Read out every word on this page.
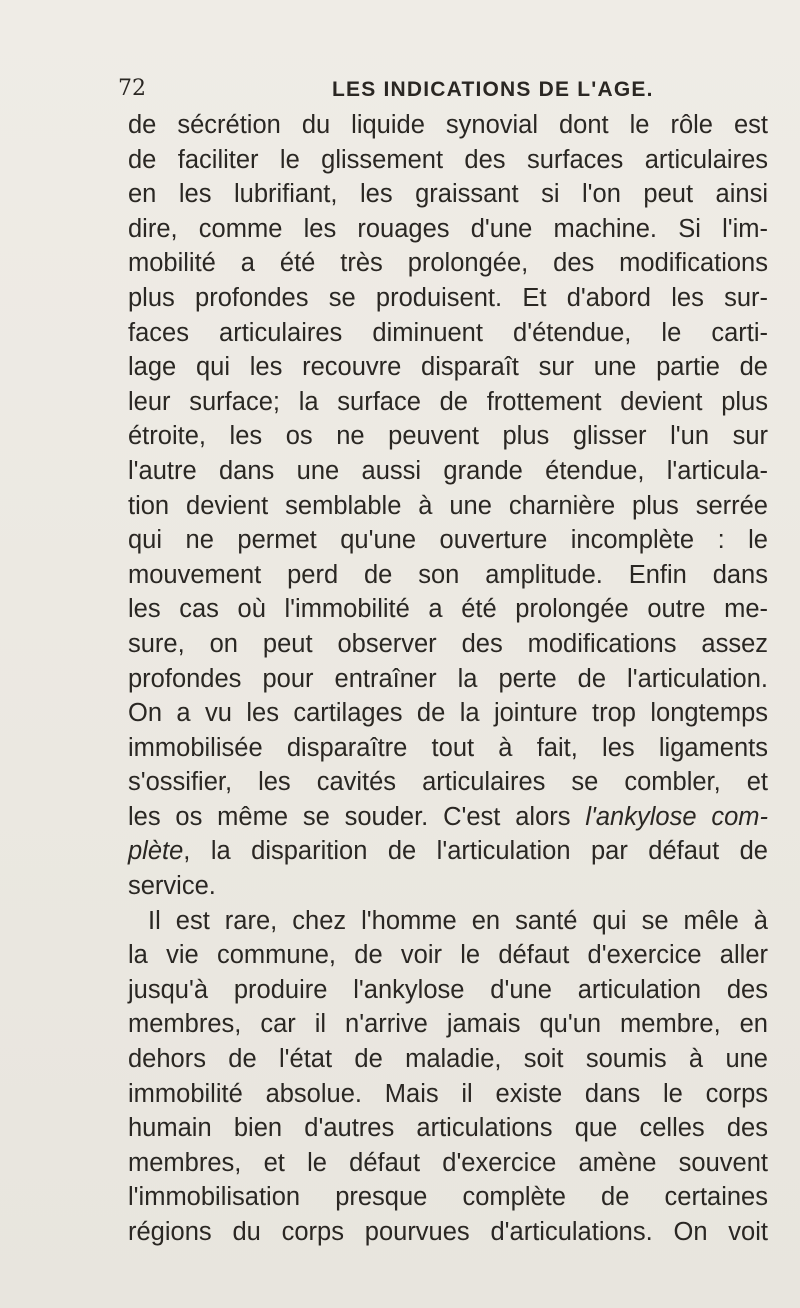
72	LES INDICATIONS DE L'AGE.
de sécrétion du liquide synovial dont le rôle est
de faciliter le glissement des surfaces articulaires
en les lubrifiant, les graissant si l'on peut ainsi
dire, comme les rouages d'une machine. Si l'im-
mobilité a été très prolongée, des modifications
plus profondes se produisent. Et d'abord les sur-
faces articulaires diminuent d'étendue, le carti-
lage qui les recouvre disparaît sur une partie de
leur surface; la surface de frottement devient plus
étroite, les os ne peuvent plus glisser l'un sur
l'autre dans une aussi grande étendue, l'articula-
tion devient semblable à une charnière plus serrée
qui ne permet qu'une ouverture incomplète : le
mouvement perd de son amplitude. Enfin dans
les cas où l'immobilité a été prolongée outre me-
sure, on peut observer des modifications assez
profondes pour entraîner la perte de l'articulation.
On a vu les cartilages de la jointure trop longtemps
immobilisée disparaître tout à fait, les ligaments
s'ossifier, les cavités articulaires se combler, et
les os même se souder. C'est alors l'ankylose com-
plète, la disparition de l'articulation par défaut de
service.
Il est rare, chez l'homme en santé qui se mêle à
la vie commune, de voir le défaut d'exercice aller
jusqu'à produire l'ankylose d'une articulation des
membres, car il n'arrive jamais qu'un membre, en
dehors de l'état de maladie, soit soumis à une
immobilité absolue. Mais il existe dans le corps
humain bien d'autres articulations que celles des
membres, et le défaut d'exercice amène souvent
l'immobilisation presque complète de certaines
régions du corps pourvues d'articulations. On voit
